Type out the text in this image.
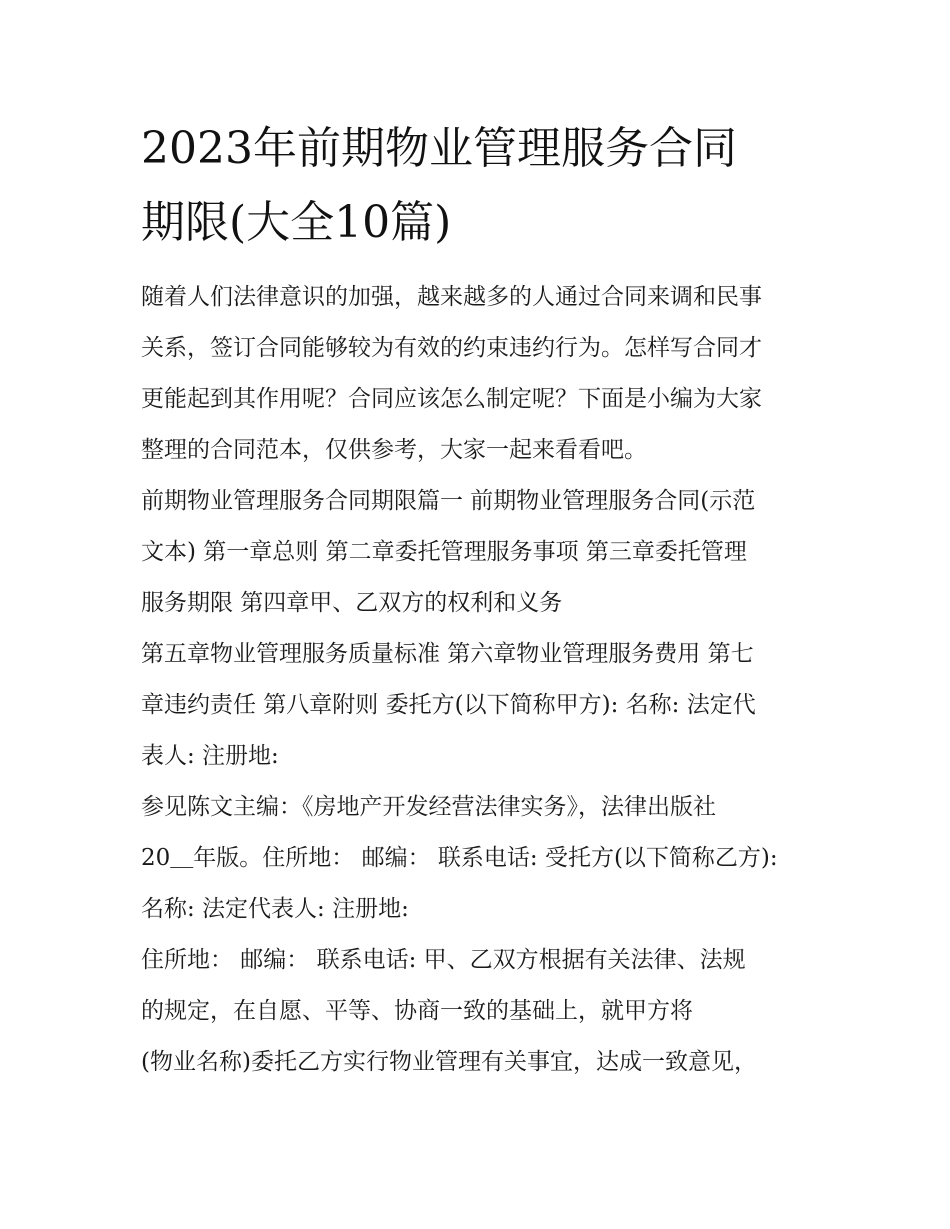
2023年前期物业管理服务合同
期限(大全10篇)

随着人们法律意识的加强，越来越多的人通过合同来调和民事
关系，签订合同能够较为有效的约束违约行为。怎样写合同才
更能起到其作用呢？合同应该怎么制定呢？下面是小编为大家
整理的合同范本，仅供参考，大家一起来看看吧。

前期物业管理服务合同期限篇一 前期物业管理服务合同(示范
文本) 第一章总则 第二章委托管理服务事项 第三章委托管理
服务期限 第四章甲、乙双方的权利和义务

第五章物业管理服务质量标准 第六章物业管理服务费用 第七
章违约责任 第八章附则 委托方(以下简称甲方): 名称: 法定代
表人: 注册地:

参见陈文主编：《房地产开发经营法律实务》，法律出版社
20＿年版。住所地： 邮编： 联系电话: 受托方(以下简称乙方):
名称: 法定代表人: 注册地:

住所地： 邮编： 联系电话: 甲、乙双方根据有关法律、法规
的规定，在自愿、平等、协商一致的基础上，就甲方将
(物业名称)委托乙方实行物业管理有关事宜，达成一致意见，
